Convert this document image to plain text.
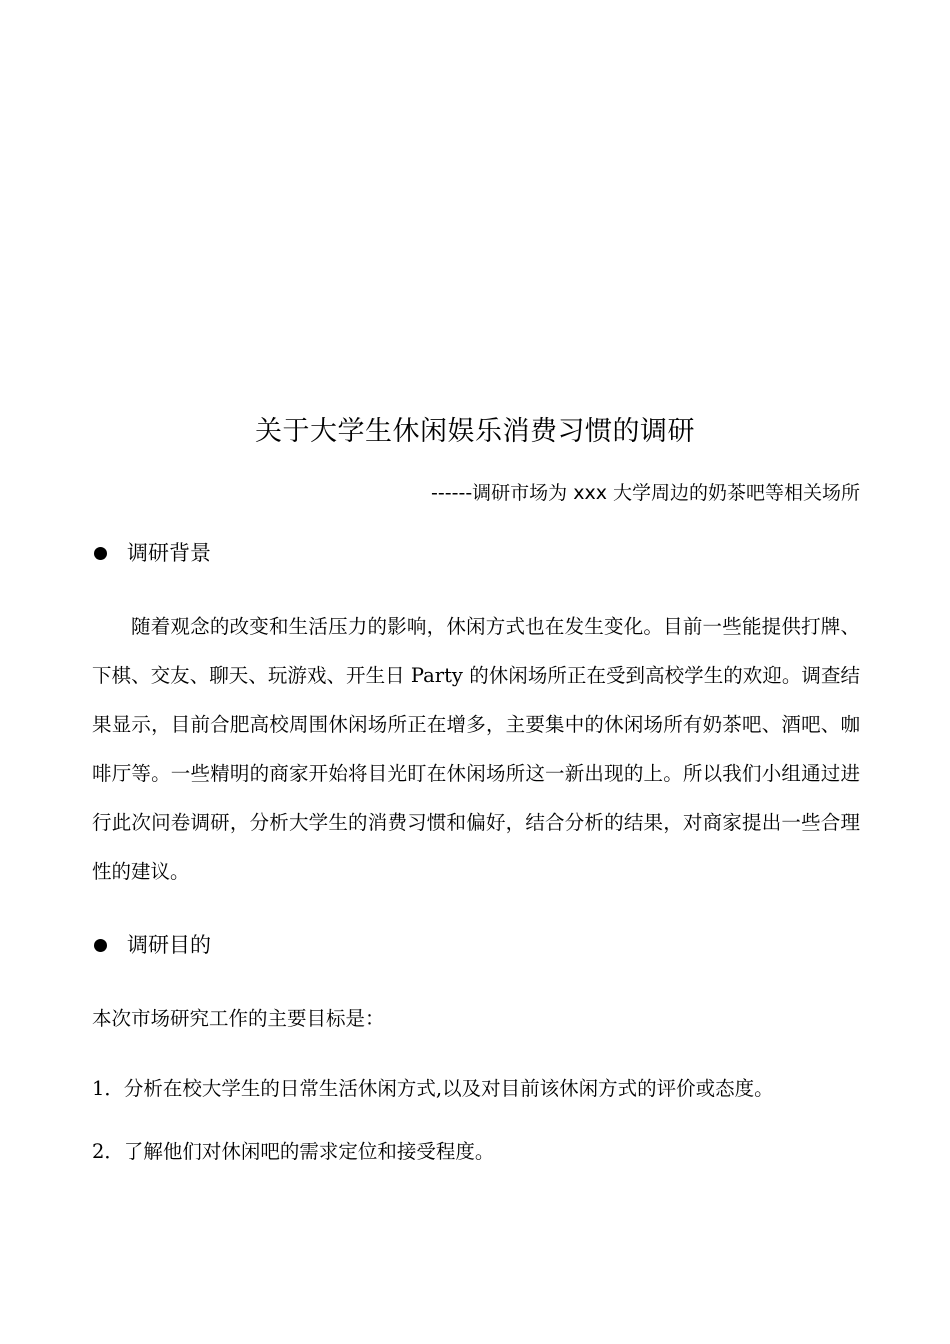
关于大学生休闲娱乐消费习惯的调研
------调研市场为 xxx 大学周边的奶茶吧等相关场所
调研背景
随着观念的改变和生活压力的影响，休闲方式也在发生变化。目前一些能提供打牌、下棋、交友、聊天、玩游戏、开生日 Party 的休闲场所正在受到高校学生的欢迎。调查结果显示，目前合肥高校周围休闲场所正在增多，主要集中的休闲场所有奶茶吧、酒吧、咖啡厅等。一些精明的商家开始将目光盯在休闲场所这一新出现的上。所以我们小组通过进行此次问卷调研，分析大学生的消费习惯和偏好，结合分析的结果，对商家提出一些合理性的建议。
调研目的
本次市场研究工作的主要目标是：
1．分析在校大学生的日常生活休闲方式,以及对目前该休闲方式的评价或态度。
2．了解他们对休闲吧的需求定位和接受程度。
